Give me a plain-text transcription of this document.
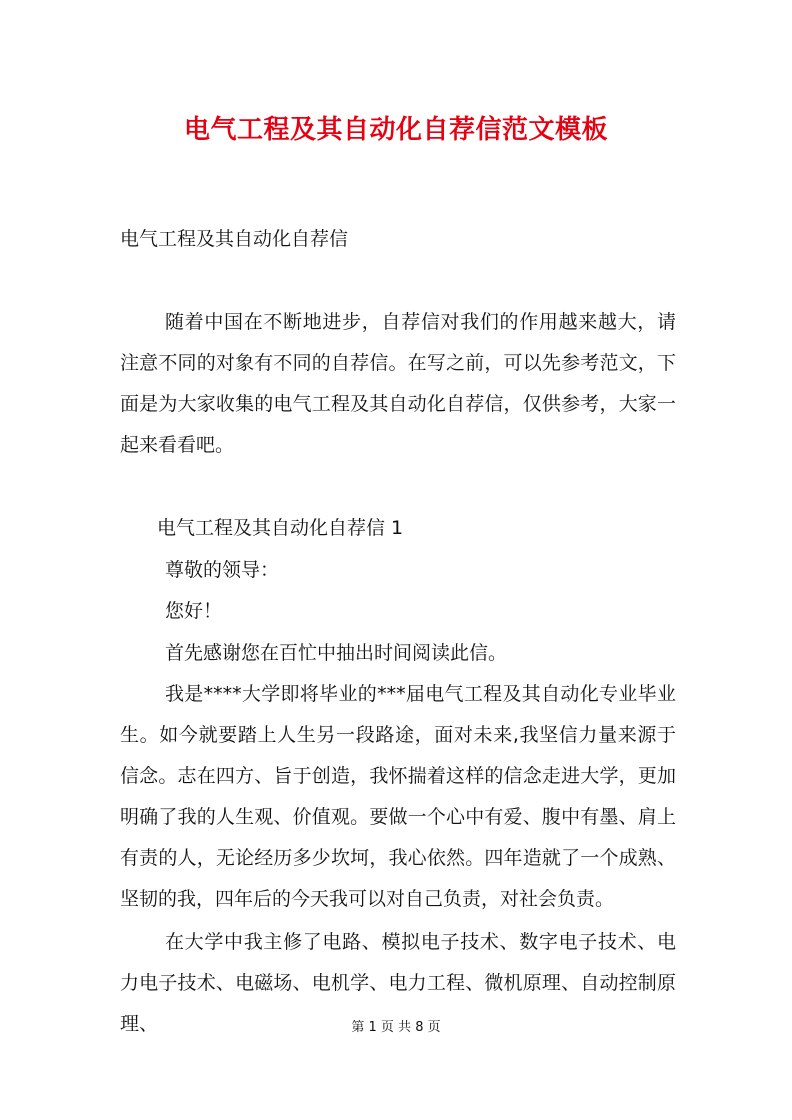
电气工程及其自动化自荐信范文模板
电气工程及其自动化自荐信
随着中国在不断地进步，自荐信对我们的作用越来越大，请注意不同的对象有不同的自荐信。在写之前，可以先参考范文，下面是为大家收集的电气工程及其自动化自荐信，仅供参考，大家一起来看看吧。
电气工程及其自动化自荐信 1
尊敬的领导：
您好！
首先感谢您在百忙中抽出时间阅读此信。
我是****大学即将毕业的***届电气工程及其自动化专业毕业生。如今就要踏上人生另一段路途，面对未来,我坚信力量来源于信念。志在四方、旨于创造，我怀揣着这样的信念走进大学，更加明确了我的人生观、价值观。要做一个心中有爱、腹中有墨、肩上有责的人，无论经历多少坎坷，我心依然。四年造就了一个成熟、坚韧的我，四年后的今天我可以对自己负责，对社会负责。
在大学中我主修了电路、模拟电子技术、数字电子技术、电力电子技术、电磁场、电机学、电力工程、微机原理、自动控制原理、	第 1 页 共 8 页
